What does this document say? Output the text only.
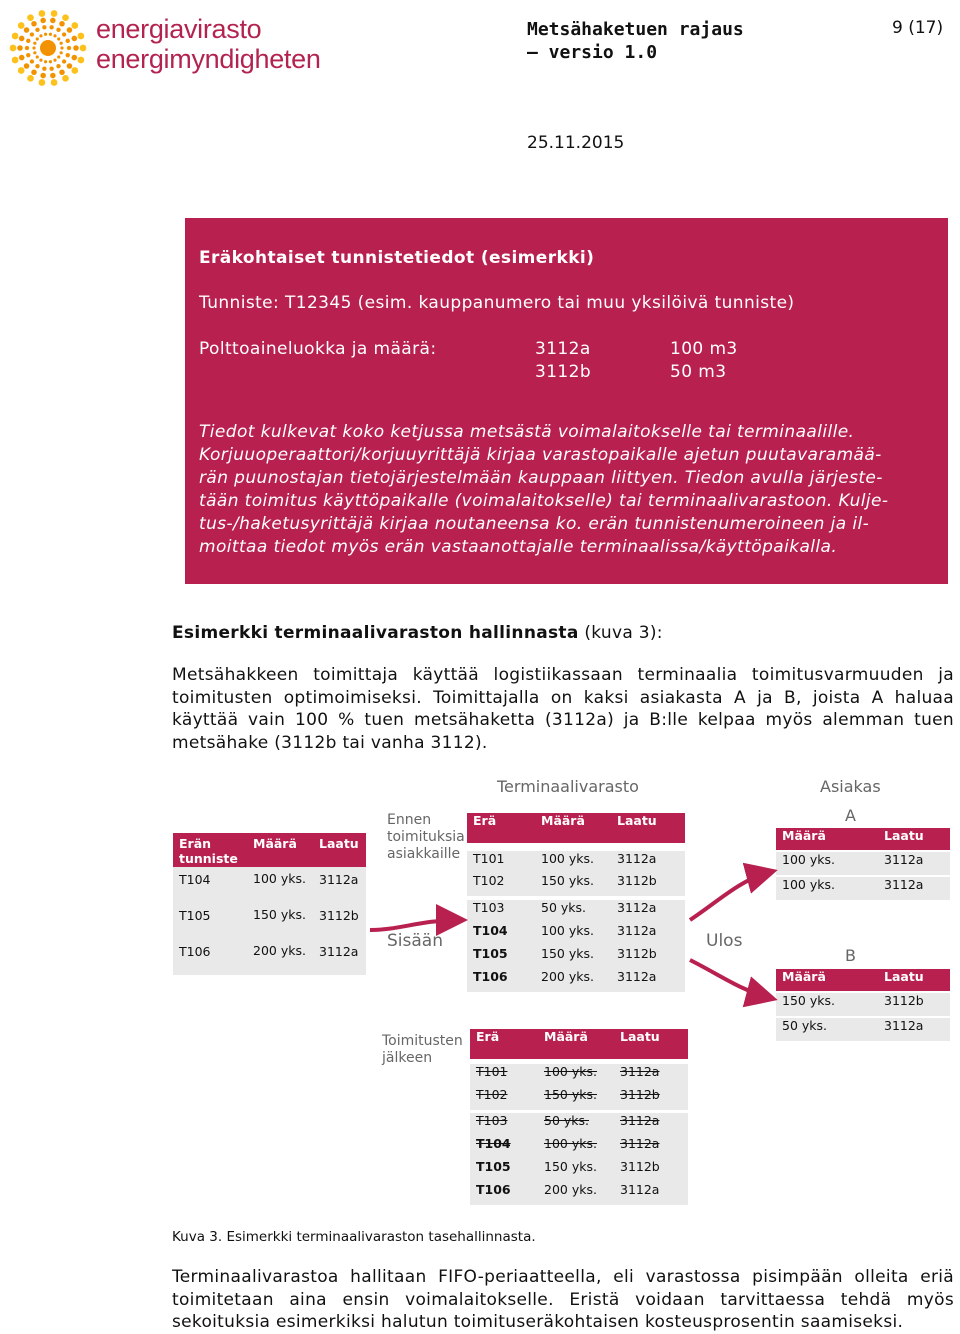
energiavirasto
energimyndigheten
Metsähaketuen rajaus
– versio 1.0
9 (17)
25.11.2015
Eräkohtaiset tunnistetiedot (esimerkki)
Tunniste: T12345 (esim. kauppanumero tai muu yksilöivä tunniste)
Polttoaineluokka ja määrä:	3112a	100 m3
3112b	50 m3
Tiedot kulkevat koko ketjussa metsästä voimalaitokselle tai terminaalille.
Korjuuoperaattori/korjuuyrittäjä kirjaa varastopaikalle ajetun puutavaramää-
rän puunostajan tietojärjestelmään kauppaan liittyen. Tiedon avulla järjeste-
tään toimitus käyttöpaikalle (voimalaitokselle) tai terminaalivarastoon. Kulje-
tus-/haketusyrittäjä kirjaa noutaneensa ko. erän tunnistenumeroineen ja il-
moittaa tiedot myös erän vastaanottajalle terminaalissa/käyttöpaikalla.
Esimerkki terminaalivaraston hallinnasta (kuva 3):
Metsähakkeen toimittaja käyttää logistiikassaan terminaalia toimitusvarmuuden ja toimitusten optimoimiseksi. Toimittajalla on kaksi asiakasta A ja B, joista A haluaa käyttää vain 100 % tuen metsähaketta (3112a) ja B:lle kelpaa myös alemman tuen metsähake (3112b tai vanha 3112).
Terminaalivarasto	Asiakas
Ennen
toimituksia
asiakkaille
Sisään	Ulos
Toimitusten
jälkeen
A
B
Erän tunniste	Määrä	Laatu
T104	100 yks.	3112a
T105	150 yks.	3112b
T106	200 yks.	3112a
Erä	Määrä	Laatu

T101	100 yks.	3112a
T102	150 yks.	3112b

T103	50 yks.	3112a
T104	100 yks.	3112a
T105	150 yks.	3112b
T106	200 yks.	3112a
Erä	Määrä	Laatu

T101	100 yks.	3112a
T102	150 yks.	3112b

T103	50 yks.	3112a
T104	100 yks.	3112a
T105	150 yks.	3112b
T106	200 yks.	3112a
Määrä	Laatu

100 yks.	3112a

100 yks.	3112a
Määrä	Laatu

150 yks.	3112b

50 yks.	3112a
Kuva 3. Esimerkki terminaalivaraston tasehallinnasta.
Terminaalivarastoa hallitaan FIFO-periaatteella, eli varastossa pisimpään olleita eriä toimitetaan aina ensin voimalaitokselle. Eristä voidaan tarvittaessa tehdä myös sekoituksia esimerkiksi halutun toimituseräkohtaisen kosteusprosentin saamiseksi.
